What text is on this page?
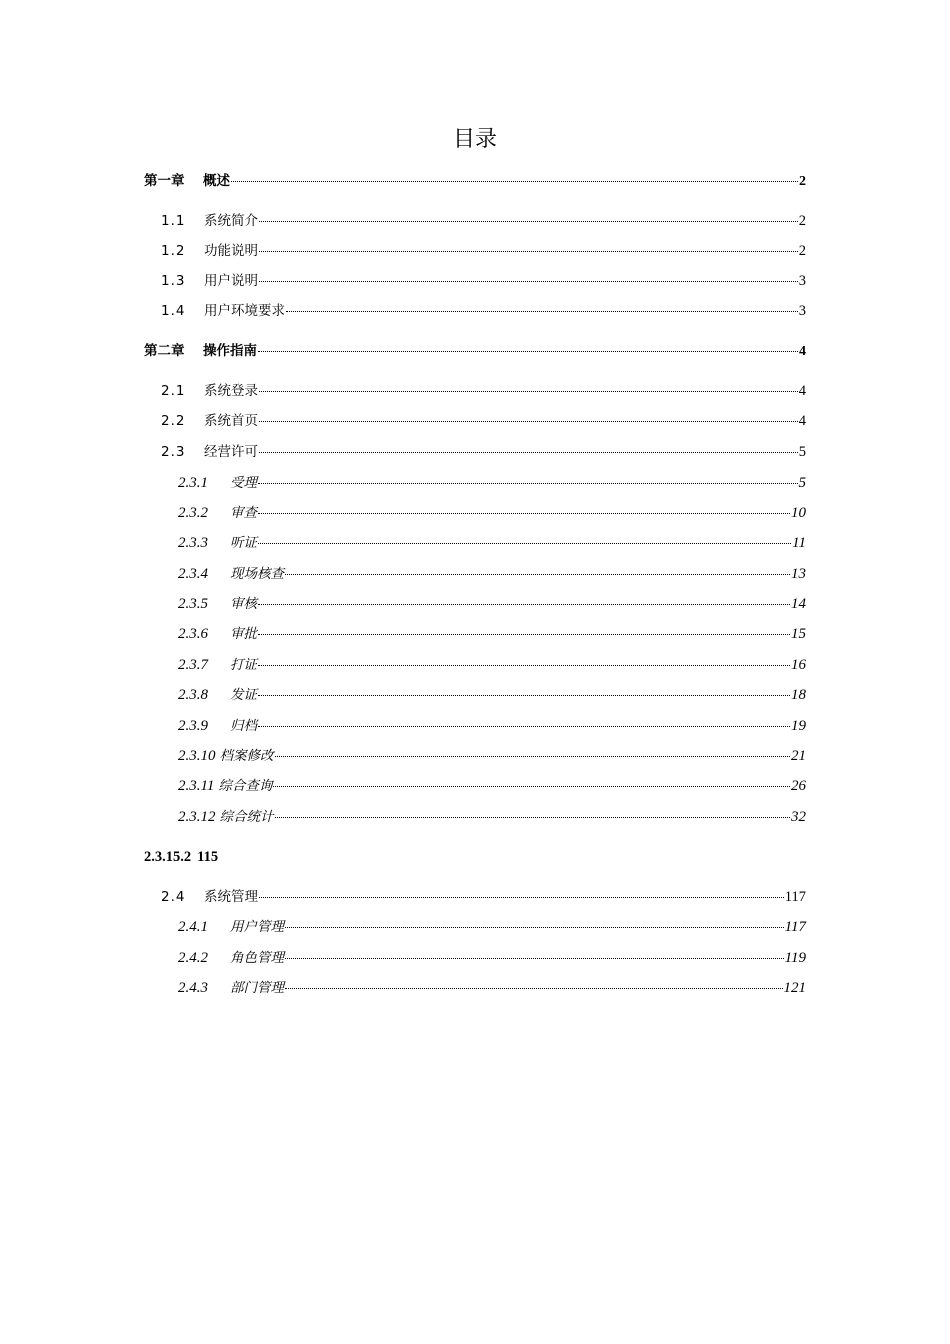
目录
第一章	概述	2
1.1	系统简介	2
1.2	功能说明	2
1.3	用户说明	3
1.4	用户环境要求	3
第二章	操作指南	4
2.1	系统登录	4
2.2	系统首页	4
2.3	经营许可	5
2.3.1	受理	5
2.3.2	审查	10
2.3.3	听证	11
2.3.4	现场核查	13
2.3.5	审核	14
2.3.6	审批	15
2.3.7	打证	16
2.3.8	发证	18
2.3.9	归档	19
2.3.10 档案修改	21
2.3.11 综合查询	26
2.3.12 综合统计	32
2.3.15.2 115
2.4	系统管理	117
2.4.1	用户管理	117
2.4.2	角色管理	119
2.4.3	部门管理	121
